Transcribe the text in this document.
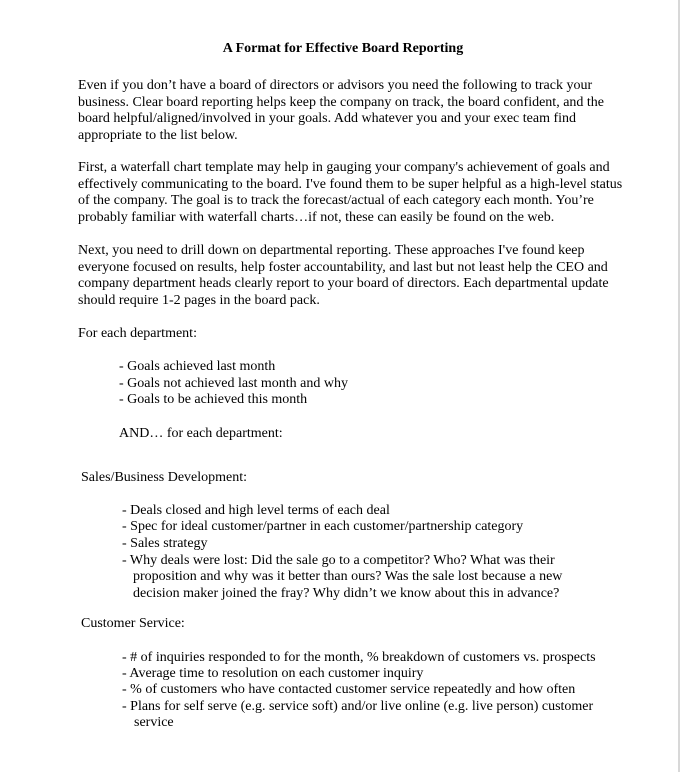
A Format for Effective Board Reporting
Even if you don’t have a board of directors or advisors you need the following to track your
business. Clear board reporting helps keep the company on track, the board confident, and the
board helpful/aligned/involved in your goals. Add whatever you and your exec team find
appropriate to the list below.
First, a waterfall chart template may help in gauging your company's achievement of goals and
effectively communicating to the board. I've found them to be super helpful as a high-level status
of the company. The goal is to track the forecast/actual of each category each month. You’re
probably familiar with waterfall charts…if not, these can easily be found on the web.
Next, you need to drill down on departmental reporting. These approaches I've found keep
everyone focused on results, help foster accountability, and last but not least help the CEO and
company department heads clearly report to your board of directors. Each departmental update
should require 1-2 pages in the board pack.
For each department:
- Goals achieved last month
- Goals not achieved last month and why
- Goals to be achieved this month
AND… for each department:
Sales/Business Development:
- Deals closed and high level terms of each deal
- Spec for ideal customer/partner in each customer/partnership category
- Sales strategy
- Why deals were lost: Did the sale go to a competitor? Who? What was their
proposition and why was it better than ours? Was the sale lost because a new
decision maker joined the fray? Why didn’t we know about this in advance?
Customer Service:
- # of inquiries responded to for the month, % breakdown of customers vs. prospects
- Average time to resolution on each customer inquiry
- % of customers who have contacted customer service repeatedly and how often
- Plans for self serve (e.g. service soft) and/or live online (e.g. live person) customer
service
